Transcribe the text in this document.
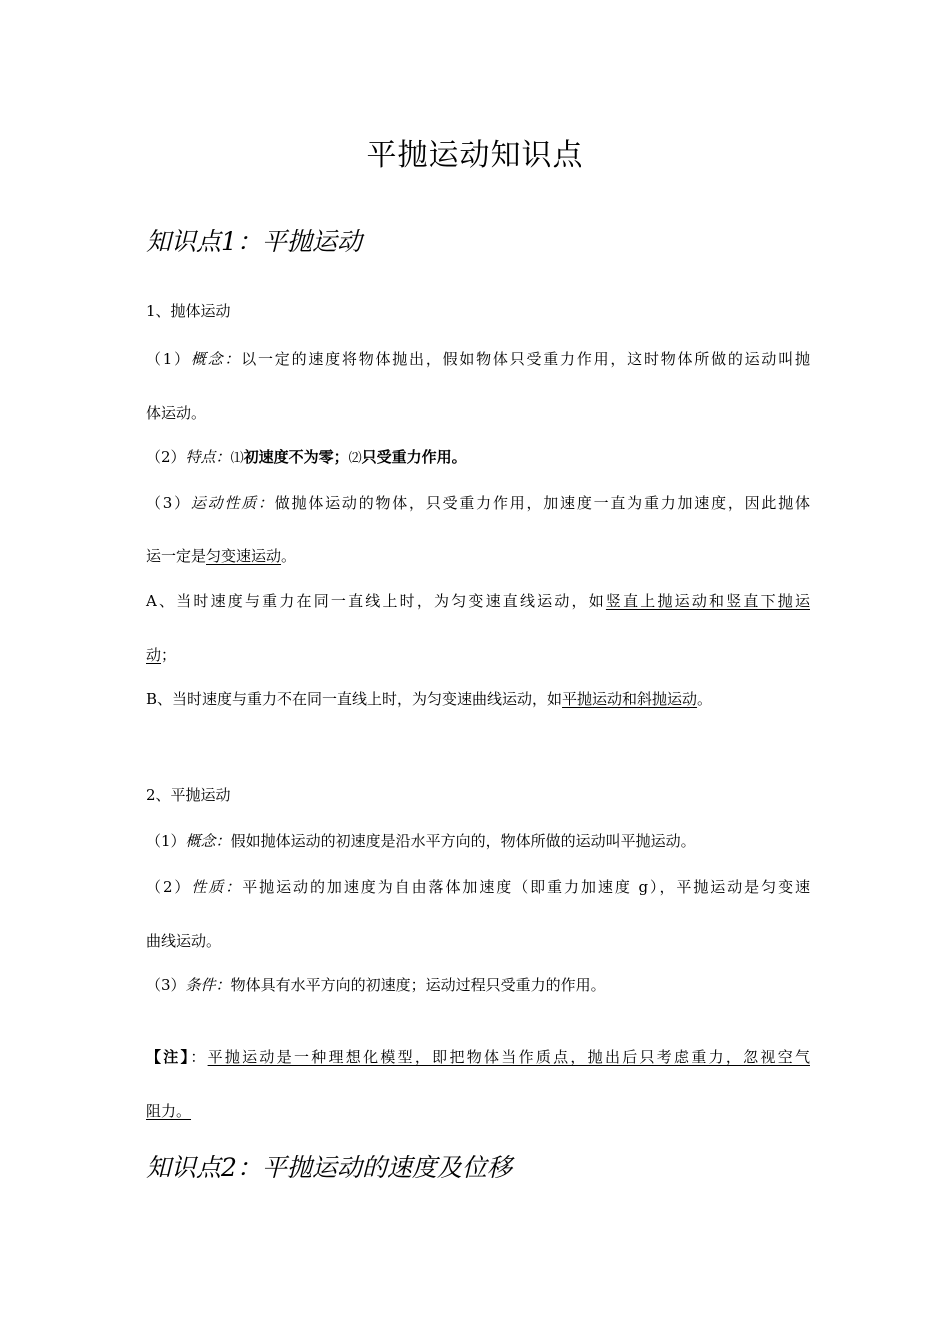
平抛运动知识点
知识点1：平抛运动
1、抛体运动
（1）概念：以一定的速度将物体抛出，假如物体只受重力作用，这时物体所做的运动叫抛
体运动。
（2）特点：⑴初速度不为零；⑵只受重力作用。
（3）运动性质：做抛体运动的物体，只受重力作用，加速度一直为重力加速度，因此抛体
运一定是匀变速运动。
A、当时速度与重力在同一直线上时，为匀变速直线运动，如竖直上抛运动和竖直下抛运
动；
B、当时速度与重力不在同一直线上时，为匀变速曲线运动，如平抛运动和斜抛运动。
2、平抛运动
（1）概念：假如抛体运动的初速度是沿水平方向的，物体所做的运动叫平抛运动。
（2）性质：平抛运动的加速度为自由落体加速度（即重力加速度 g），平抛运动是匀变速
曲线运动。
（3）条件：物体具有水平方向的初速度；运动过程只受重力的作用。
【注】：平抛运动是一种理想化模型，即把物体当作质点，抛出后只考虑重力，忽视空气
阻力。
知识点2：平抛运动的速度及位移
